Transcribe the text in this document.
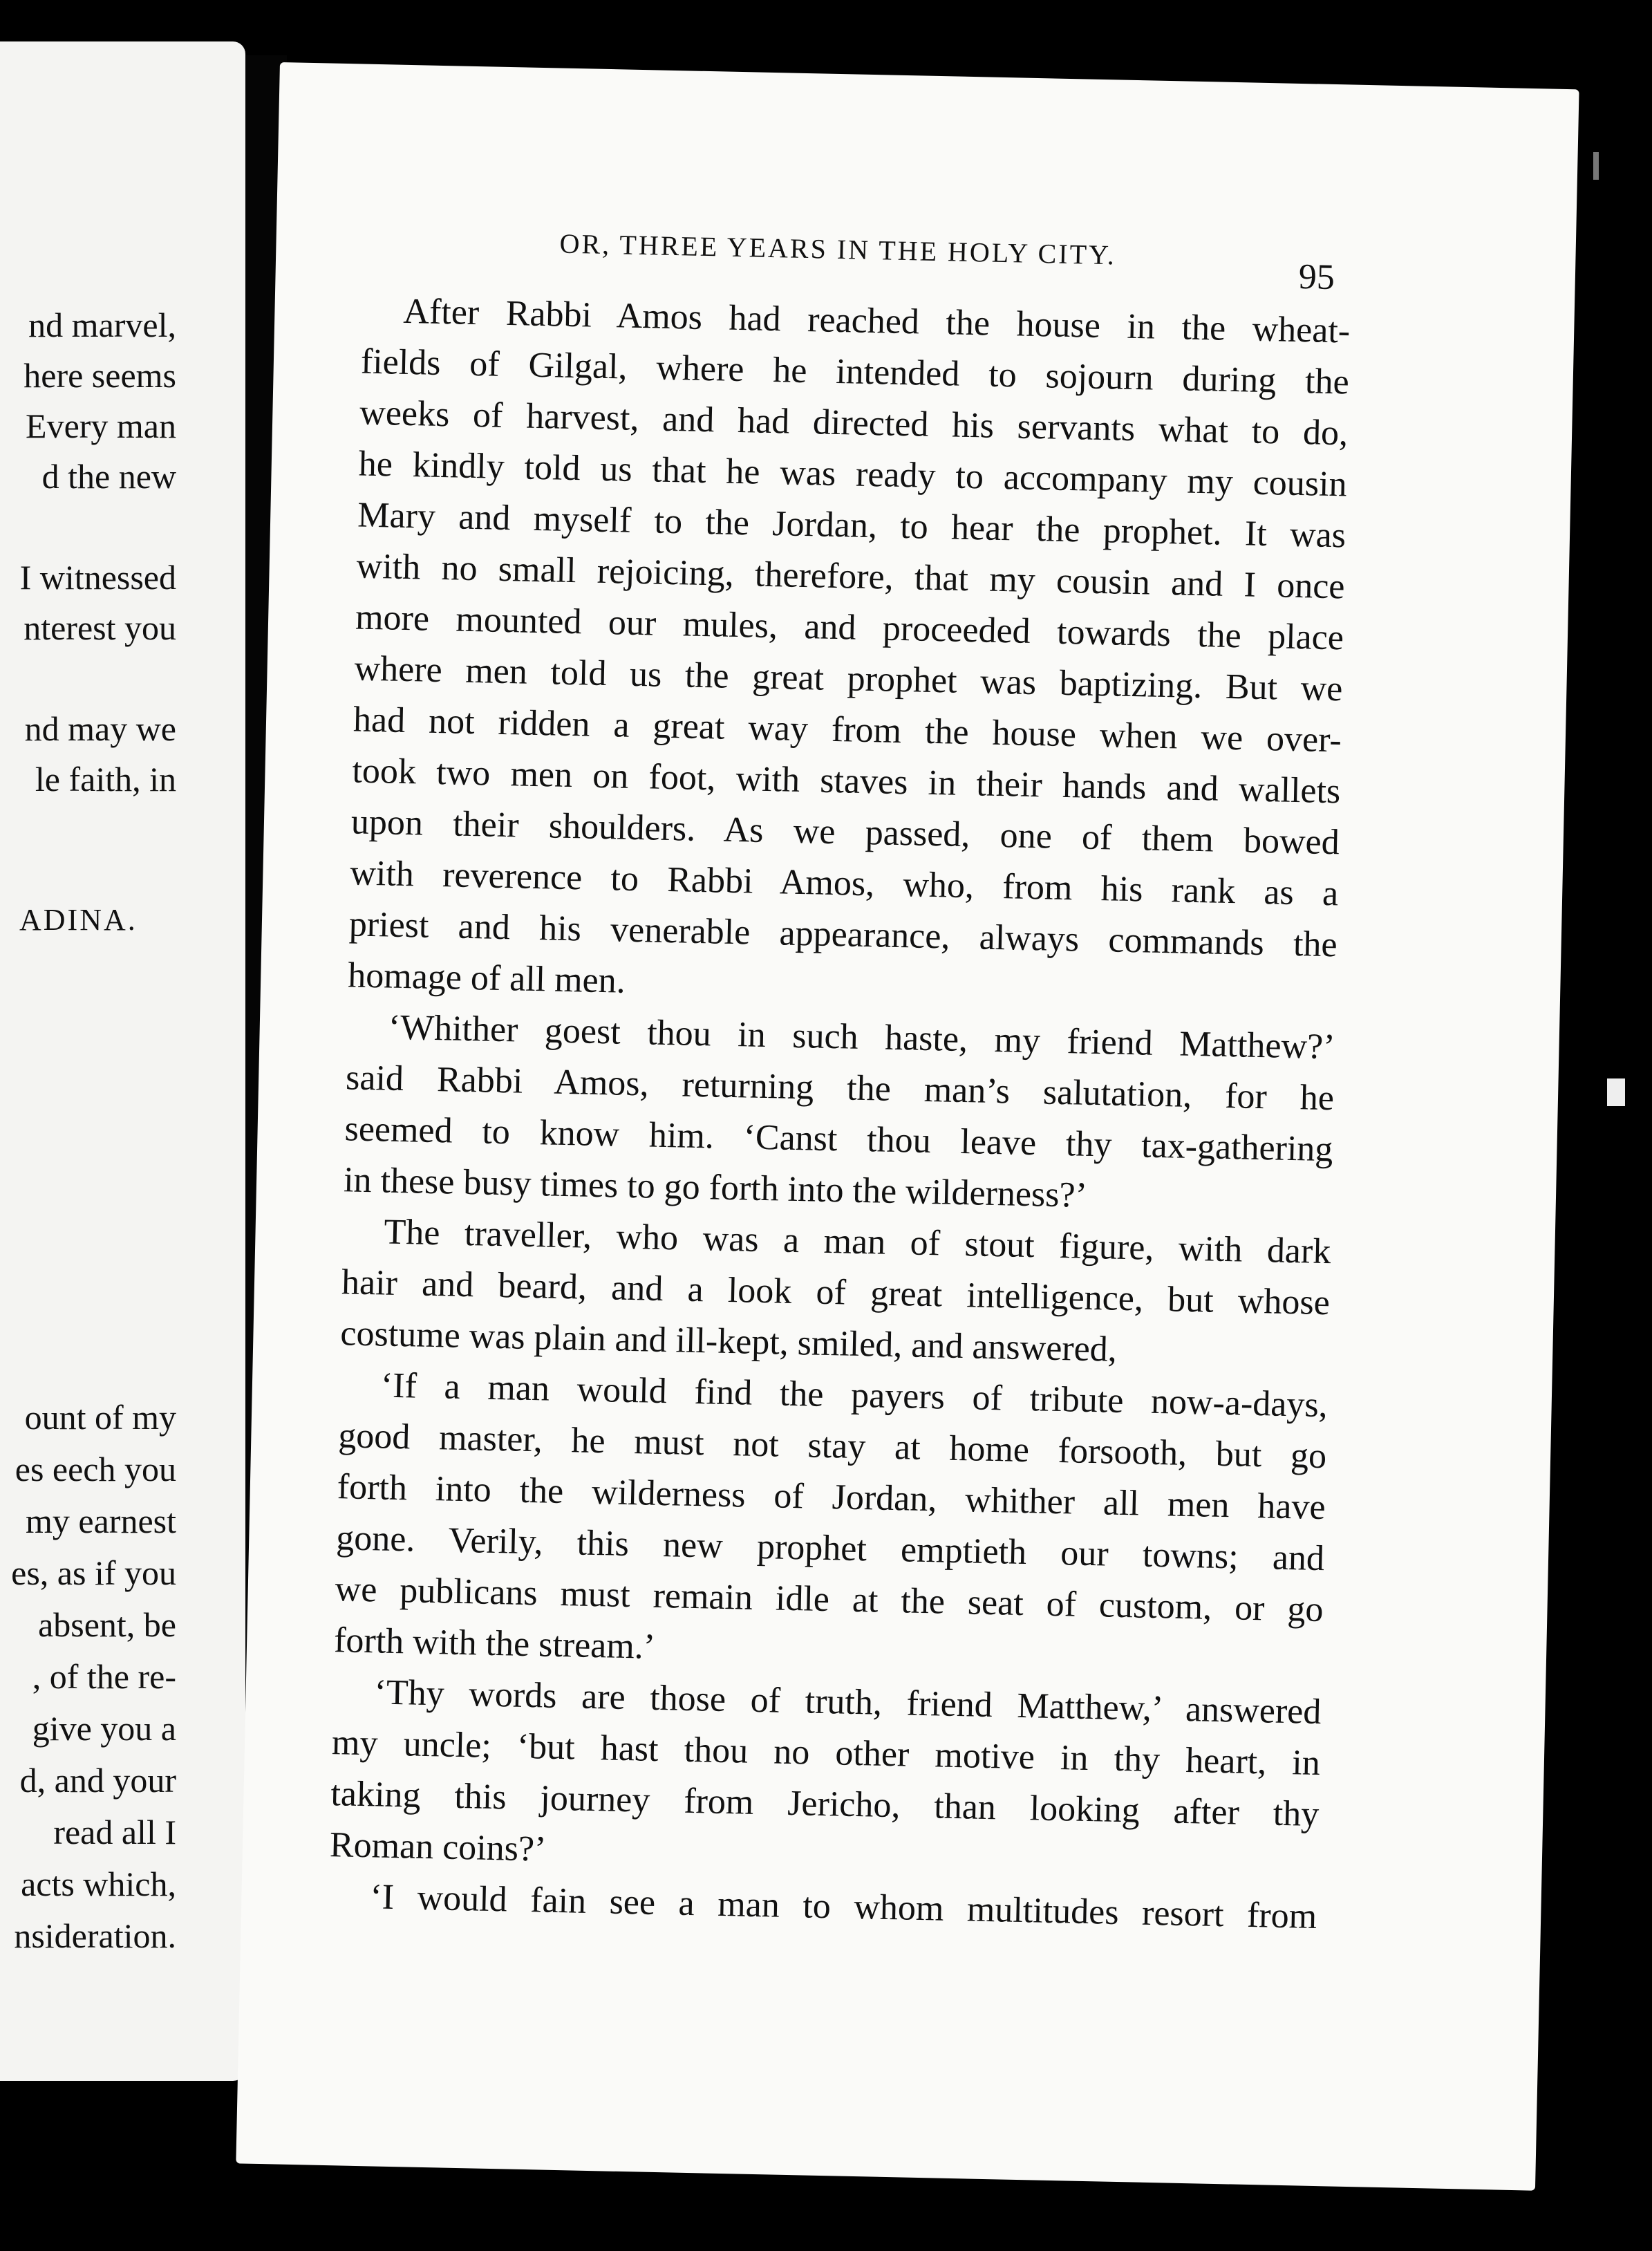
nd marvel,
here seems
Every man
d the new
I witnessed
nterest you
nd may we
le faith, in
ADINA.
ount of my
es eech you
my earnest
es, as if you
absent, be
, of the re-
give you a
d, and your
read all I
acts which,
nsideration.
OR, THREE YEARS IN THE HOLY CITY.
95
After Rabbi Amos had reached the house in the wheat-
fields of Gilgal, where he intended to sojourn during the
weeks of harvest, and had directed his servants what to do,
he kindly told us that he was ready to accompany my cousin
Mary and myself to the Jordan, to hear the prophet. It was
with no small rejoicing, therefore, that my cousin and I once
more mounted our mules, and proceeded towards the place
where men told us the great prophet was baptizing. But we
had not ridden a great way from the house when we over-
took two men on foot, with staves in their hands and wallets
upon their shoulders. As we passed, one of them bowed
with reverence to Rabbi Amos, who, from his rank as a
priest and his venerable appearance, always commands the
homage of all men.
‘Whither goest thou in such haste, my friend Matthew?’
said Rabbi Amos, returning the man’s salutation, for he
seemed to know him. ‘Canst thou leave thy tax-gathering
in these busy times to go forth into the wilderness?’
The traveller, who was a man of stout figure, with dark
hair and beard, and a look of great intelligence, but whose
costume was plain and ill-kept, smiled, and answered,
‘If a man would find the payers of tribute now-a-days,
good master, he must not stay at home forsooth, but go
forth into the wilderness of Jordan, whither all men have
gone. Verily, this new prophet emptieth our towns; and
we publicans must remain idle at the seat of custom, or go
forth with the stream.’
‘Thy words are those of truth, friend Matthew,’ answered
my uncle; ‘but hast thou no other motive in thy heart, in
taking this journey from Jericho, than looking after thy
Roman coins?’
‘I would fain see a man to whom multitudes resort from
